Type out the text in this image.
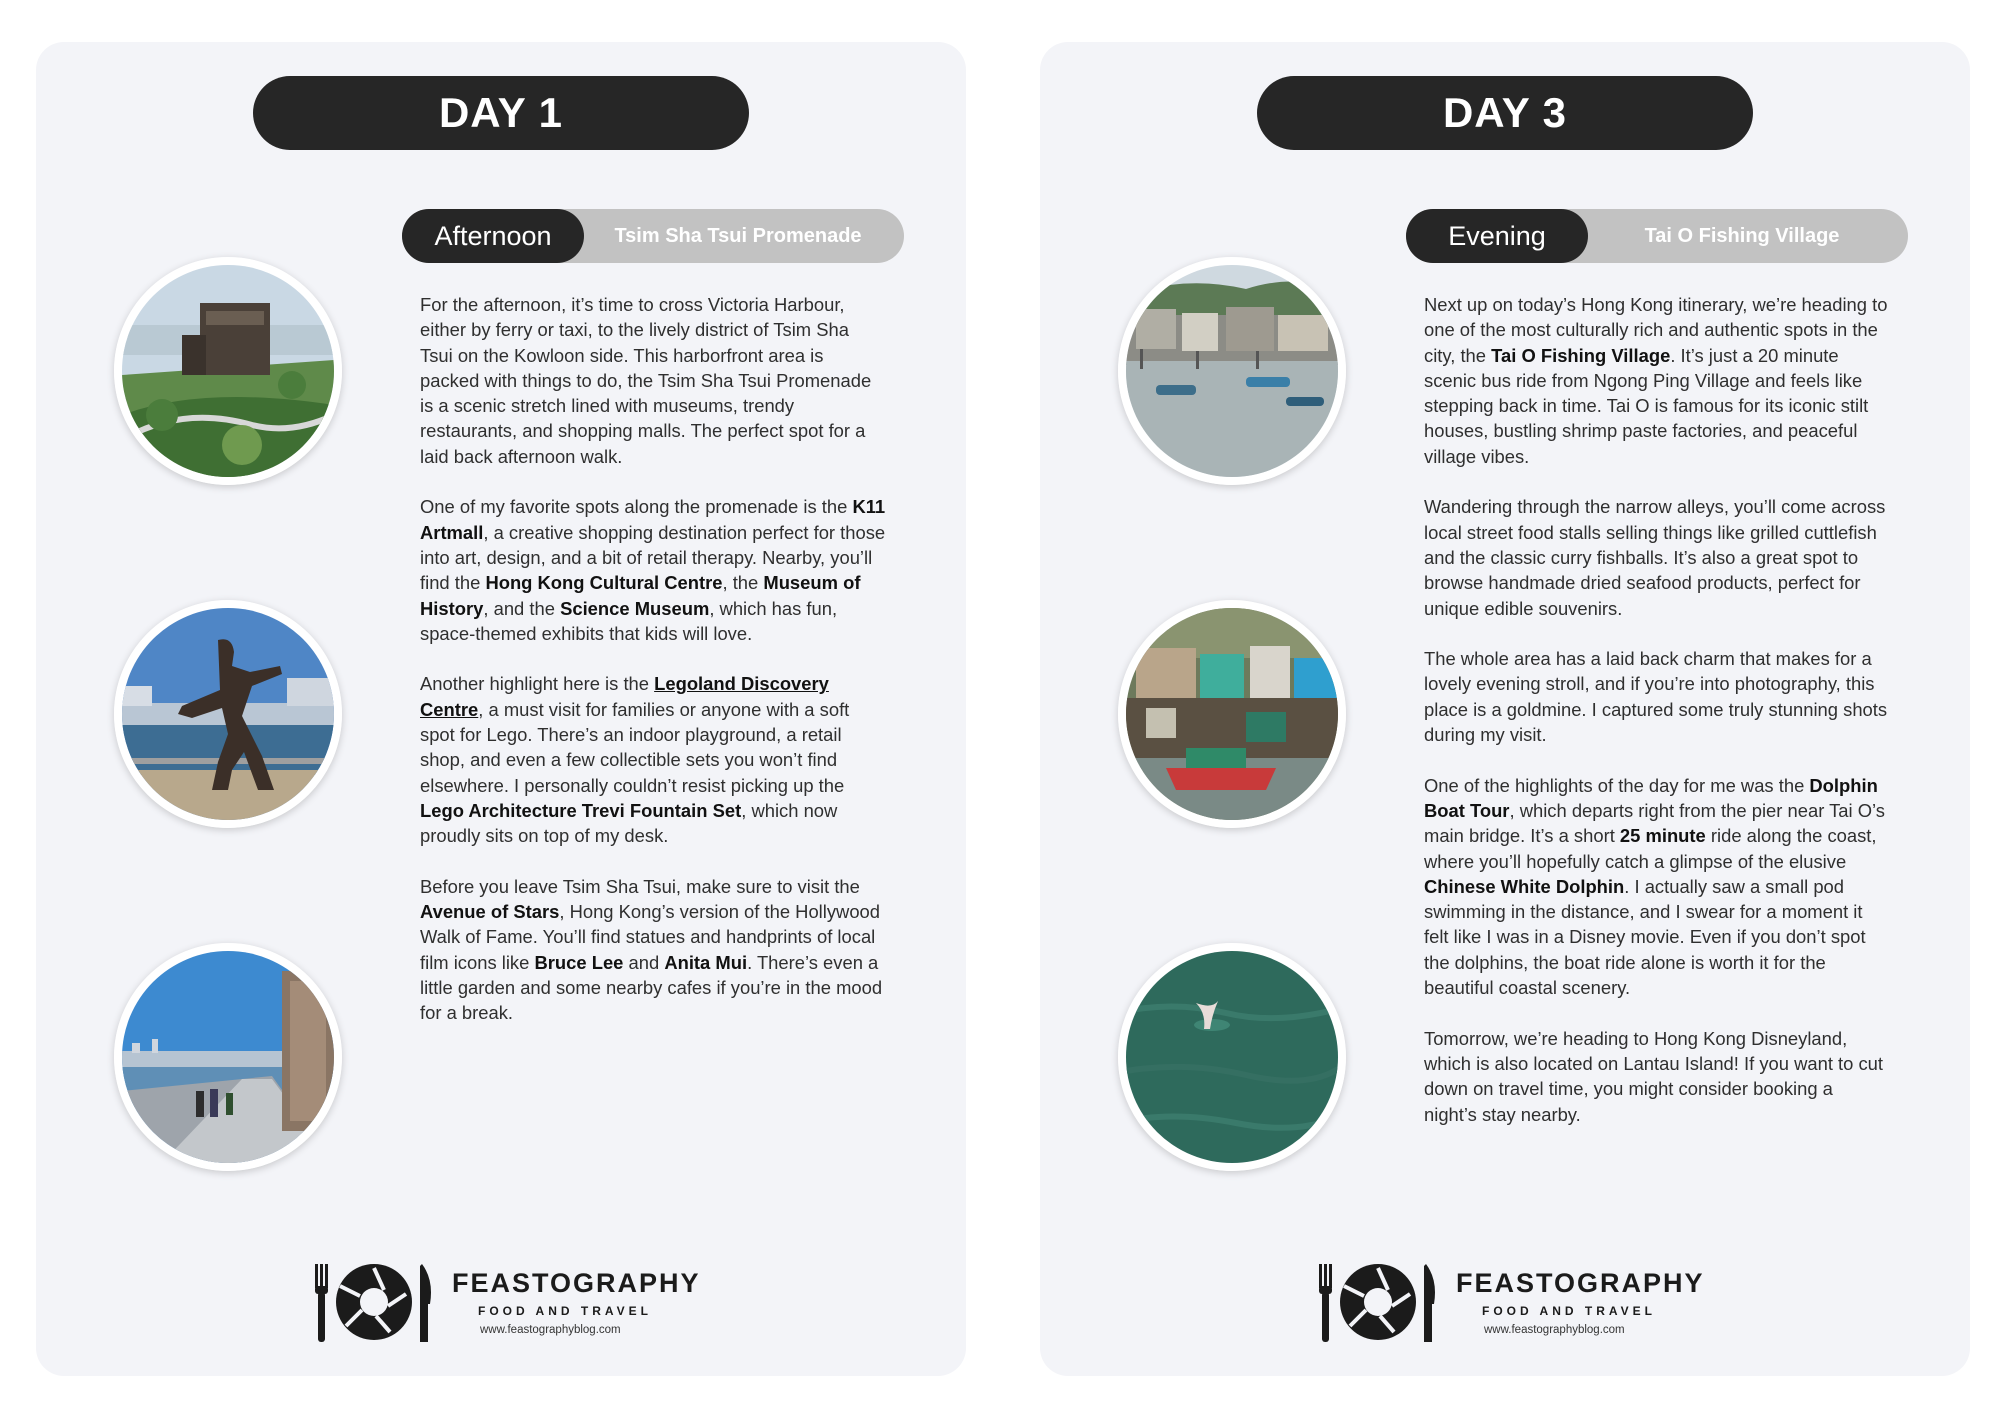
DAY 1
Afternoon	Tsim Sha Tsui Promenade

For the afternoon, it’s time to cross Victoria Harbour, either by ferry or taxi, to the lively district of Tsim Sha Tsui on the Kowloon side. This harborfront area is packed with things to do, the Tsim Sha Tsui Promenade is a scenic stretch lined with museums, trendy restaurants, and shopping malls. The perfect spot for a laid back afternoon walk.

One of my favorite spots along the promenade is the K11 Artmall, a creative shopping destination perfect for those into art, design, and a bit of retail therapy. Nearby, you’ll find the Hong Kong Cultural Centre, the Museum of History, and the Science Museum, which has fun, space-themed exhibits that kids will love.

Another highlight here is the Legoland Discovery Centre, a must visit for families or anyone with a soft spot for Lego. There’s an indoor playground, a retail shop, and even a few collectible sets you won’t find elsewhere. I personally couldn’t resist picking up the Lego Architecture Trevi Fountain Set, which now proudly sits on top of my desk.

Before you leave Tsim Sha Tsui, make sure to visit the Avenue of Stars, Hong Kong’s version of the Hollywood Walk of Fame. You’ll find statues and handprints of local film icons like Bruce Lee and Anita Mui. There’s even a little garden and some nearby cafes if you’re in the mood for a break.

FEASTOGRAPHY
FOOD AND TRAVEL
www.feastographyblog.com
DAY 3
Evening	Tai O Fishing Village

Next up on today’s Hong Kong itinerary, we’re heading to one of the most culturally rich and authentic spots in the city, the Tai O Fishing Village. It’s just a 20 minute scenic bus ride from Ngong Ping Village and feels like stepping back in time. Tai O is famous for its iconic stilt houses, bustling shrimp paste factories, and peaceful village vibes.

Wandering through the narrow alleys, you’ll come across local street food stalls selling things like grilled cuttlefish and the classic curry fishballs. It’s also a great spot to browse handmade dried seafood products, perfect for unique edible souvenirs.

The whole area has a laid back charm that makes for a lovely evening stroll, and if you’re into photography, this place is a goldmine. I captured some truly stunning shots during my visit.

One of the highlights of the day for me was the Dolphin Boat Tour, which departs right from the pier near Tai O’s main bridge. It’s a short 25 minute ride along the coast, where you’ll hopefully catch a glimpse of the elusive Chinese White Dolphin. I actually saw a small pod swimming in the distance, and I swear for a moment it felt like I was in a Disney movie. Even if you don’t spot the dolphins, the boat ride alone is worth it for the beautiful coastal scenery.

Tomorrow, we’re heading to Hong Kong Disneyland, which is also located on Lantau Island! If you want to cut down on travel time, you might consider booking a night’s stay nearby.

FEASTOGRAPHY
FOOD AND TRAVEL
www.feastographyblog.com
